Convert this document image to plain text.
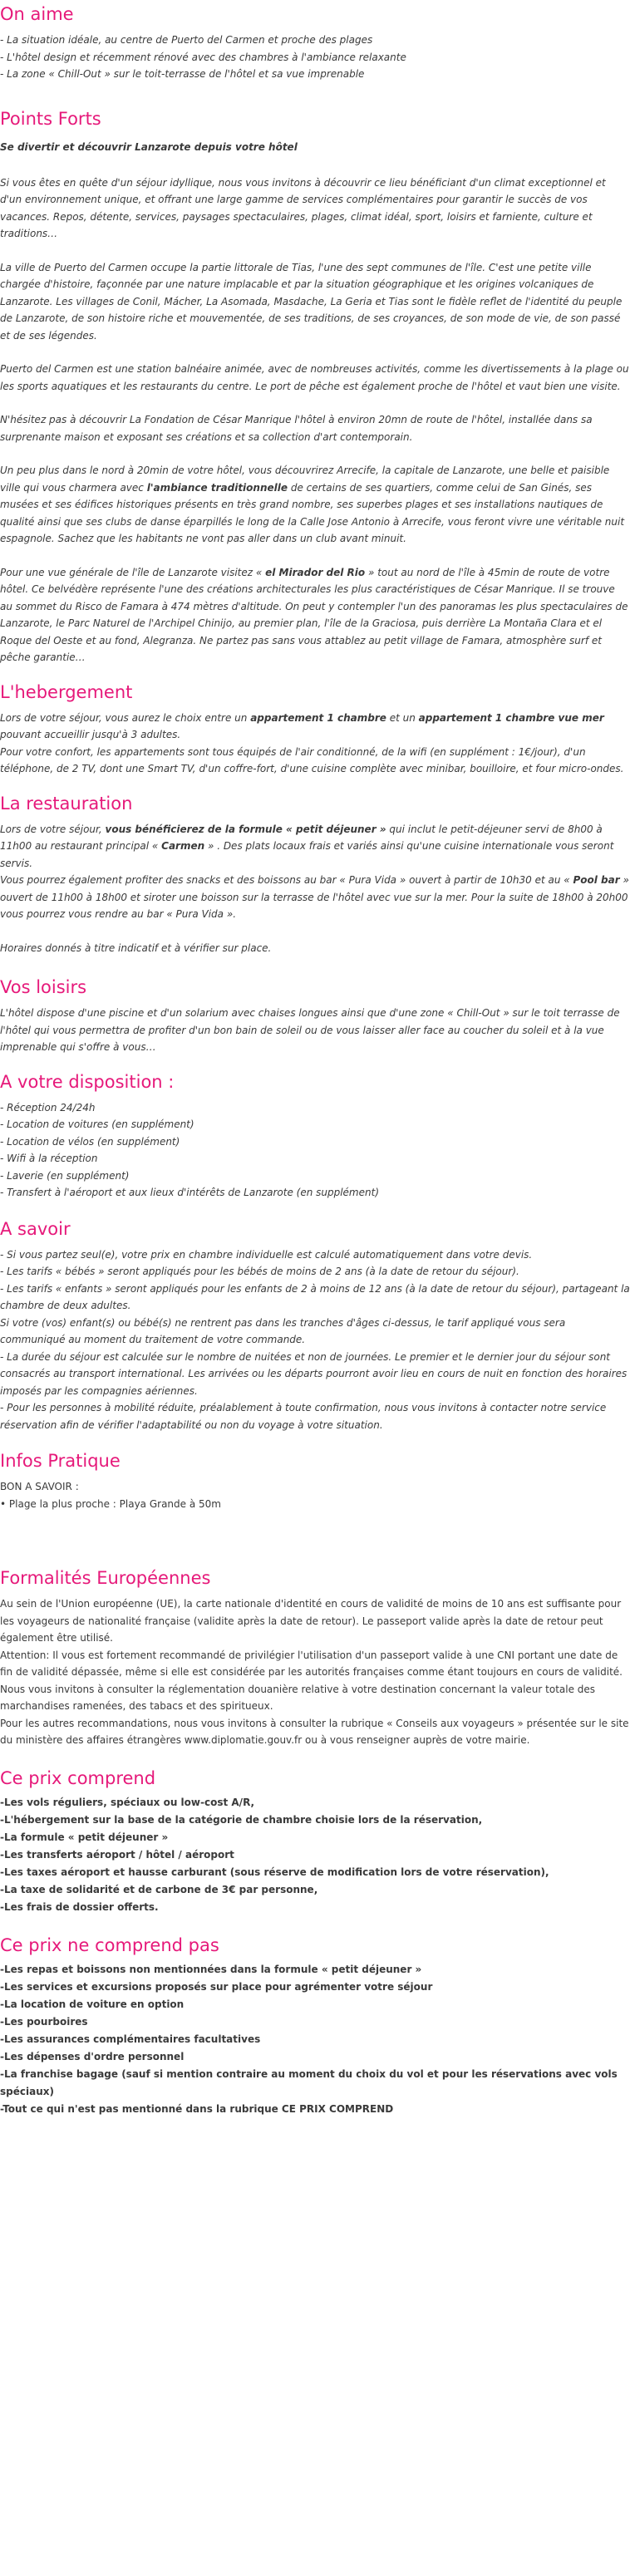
On aime

- La situation idéale, au centre de Puerto del Carmen et proche des plages

- L'hôtel design et récemment rénové avec des chambres à l'ambiance relaxante

- La zone « Chill-Out » sur le toit-terrasse de l'hôtel et sa vue imprenable

Points Forts

Se divertir et découvrir Lanzarote depuis votre hôtel

Si vous êtes en quête d'un séjour idyllique, nous vous invitons à découvrir ce lieu bénéficiant d'un climat exceptionnel et d'un environnement unique, et offrant une large gamme de services complémentaires pour garantir le succès de vos vacances. Repos, détente, services, paysages spectaculaires, plages, climat idéal, sport, loisirs et farniente, culture et traditions…

La ville de Puerto del Carmen occupe la partie littorale de Tias, l'une des sept communes de l'île. C'est une petite ville chargée d'histoire, façonnée par une nature implacable et par la situation géographique et les origines volcaniques de Lanzarote. Les villages de Conil, Mácher, La Asomada, Masdache, La Geria et Tias sont le fidèle reflet de l'identité du peuple de Lanzarote, de son histoire riche et mouvementée, de ses traditions, de ses croyances, de son mode de vie, de son passé et de ses légendes.

Puerto del Carmen est une station balnéaire animée, avec de nombreuses activités, comme les divertissements à la plage ou les sports aquatiques et les restaurants du centre. Le port de pêche est également proche de l'hôtel et vaut bien une visite.

N'hésitez pas à découvrir La Fondation de César Manrique l'hôtel à environ 20mn de route de l'hôtel, installée dans sa surprenante maison et exposant ses créations et sa collection d'art contemporain.

Un peu plus dans le nord à 20min de votre hôtel, vous découvrirez Arrecife, la capitale de Lanzarote, une belle et paisible ville qui vous charmera avec l'ambiance traditionnelle de certains de ses quartiers, comme celui de San Ginés, ses musées et ses édifices historiques présents en très grand nombre, ses superbes plages et ses installations nautiques de qualité ainsi que ses clubs de danse éparpillés le long de la Calle Jose Antonio à Arrecife, vous feront vivre une véritable nuit espagnole. Sachez que les habitants ne vont pas aller dans un club avant minuit.

Pour une vue générale de l'île de Lanzarote visitez « el Mirador del Rio » tout au nord de l'île à 45min de route de votre hôtel. Ce belvédère représente l'une des créations architecturales les plus caractéristiques de César Manrique. Il se trouve au sommet du Risco de Famara à 474 mètres d'altitude. On peut y contempler l'un des panoramas les plus spectaculaires de Lanzarote, le Parc Naturel de l'Archipel Chinijo, au premier plan, l'île de la Graciosa, puis derrière La Montaña Clara et el Roque del Oeste et au fond, Alegranza. Ne partez pas sans vous attablez au petit village de Famara, atmosphère surf et pêche garantie…

L'hebergement

Lors de votre séjour, vous aurez le choix entre un appartement 1 chambre et un appartement 1 chambre vue mer pouvant accueillir jusqu'à 3 adultes.

Pour votre confort, les appartements sont tous équipés de l'air conditionné, de la wifi (en supplément : 1€/jour), d'un téléphone, de 2 TV, dont une Smart TV, d'un coffre-fort, d'une cuisine complète avec minibar, bouilloire, et four micro-ondes.

La restauration

Lors de votre séjour, vous bénéficierez de la formule « petit déjeuner » qui inclut le petit-déjeuner servi de 8h00 à 11h00 au restaurant principal « Carmen » . Des plats locaux frais et variés ainsi qu'une cuisine internationale vous seront servis.

Vous pourrez également profiter des snacks et des boissons au bar « Pura Vida » ouvert à partir de 10h30 et au « Pool bar » ouvert de 11h00 à 18h00 et siroter une boisson sur la terrasse de l'hôtel avec vue sur la mer. Pour la suite de 18h00 à 20h00 vous pourrez vous rendre au bar « Pura Vida ».

Horaires donnés à titre indicatif et à vérifier sur place.

Vos loisirs

L'hôtel dispose d'une piscine et d'un solarium avec chaises longues ainsi que d'une zone « Chill-Out » sur le toit terrasse de l'hôtel qui vous permettra de profiter d'un bon bain de soleil ou de vous laisser aller face au coucher du soleil et à la vue imprenable qui s'offre à vous…

A votre disposition :

- Réception 24/24h

- Location de voitures (en supplément)

- Location de vélos (en supplément)

- Wifi à la réception

- Laverie (en supplément)

- Transfert à l'aéroport et aux lieux d'intérêts de Lanzarote (en supplément)

A savoir

- Si vous partez seul(e), votre prix en chambre individuelle est calculé automatiquement dans votre devis.

- Les tarifs « bébés » seront appliqués pour les bébés de moins de 2 ans (à la date de retour du séjour).

- Les tarifs « enfants » seront appliqués pour les enfants de 2 à moins de 12 ans (à la date de retour du séjour), partageant la chambre de deux adultes.

Si votre (vos) enfant(s) ou bébé(s) ne rentrent pas dans les tranches d'âges ci-dessus, le tarif appliqué vous sera communiqué au moment du traitement de votre commande.

- La durée du séjour est calculée sur le nombre de nuitées et non de journées. Le premier et le dernier jour du séjour sont consacrés au transport international. Les arrivées ou les départs pourront avoir lieu en cours de nuit en fonction des horaires imposés par les compagnies aériennes.

- Pour les personnes à mobilité réduite, préalablement à toute confirmation, nous vous invitons à contacter notre service réservation afin de vérifier l'adaptabilité ou non du voyage à votre situation.

Infos Pratique

BON A SAVOIR :

• Plage la plus proche : Playa Grande à 50m

Formalités Européennes

Au sein de l'Union européenne (UE), la carte nationale d'identité en cours de validité de moins de 10 ans est suffisante pour les voyageurs de nationalité française (validite après la date de retour). Le passeport valide après la date de retour peut également être utilisé.

Attention: Il vous est fortement recommandé de privilégier l'utilisation d'un passeport valide à une CNI portant une date de fin de validité dépassée, même si elle est considérée par les autorités françaises comme étant toujours en cours de validité.

Nous vous invitons à consulter la réglementation douanière relative à votre destination concernant la valeur totale des marchandises ramenées, des tabacs et des spiritueux.

Pour les autres recommandations, nous vous invitons à consulter la rubrique « Conseils aux voyageurs » présentée sur le site du ministère des affaires étrangères www.diplomatie.gouv.fr ou à vous renseigner auprès de votre mairie.

Ce prix comprend

-Les vols réguliers, spéciaux ou low-cost A/R,

-L'hébergement sur la base de la catégorie de chambre choisie lors de la réservation,

-La formule « petit déjeuner »

-Les transferts aéroport / hôtel / aéroport

-Les taxes aéroport et hausse carburant (sous réserve de modification lors de votre réservation),

-La taxe de solidarité et de carbone de 3€ par personne,

-Les frais de dossier offerts.

Ce prix ne comprend pas

-Les repas et boissons non mentionnées dans la formule « petit déjeuner »

-Les services et excursions proposés sur place pour agrémenter votre séjour

-La location de voiture en option

-Les pourboires

-Les assurances complémentaires facultatives

-Les dépenses d'ordre personnel

-La franchise bagage (sauf si mention contraire au moment du choix du vol et pour les réservations avec vols spéciaux)

-Tout ce qui n'est pas mentionné dans la rubrique CE PRIX COMPREND
